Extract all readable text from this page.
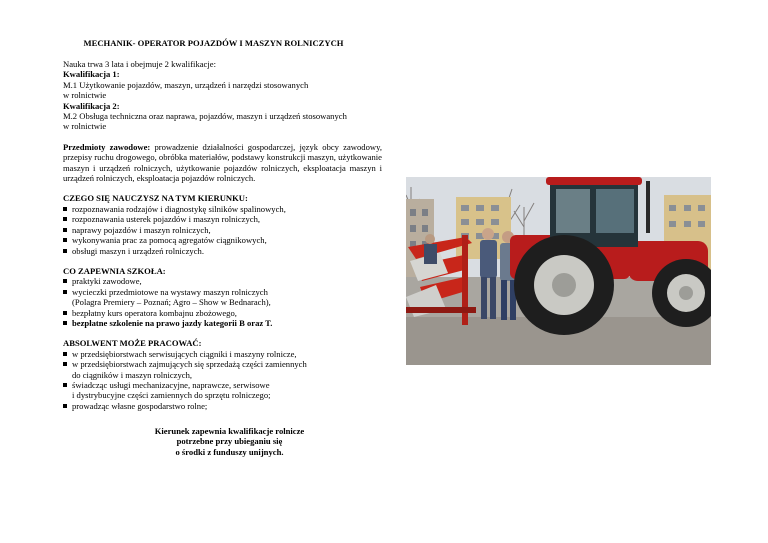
MECHANIK- OPERATOR POJAZDÓW I MASZYN ROLNICZYCH

Nauka trwa 3 lata i obejmuje 2 kwalifikacje:

Kwalifikacja 1:

M.1 Użytkowanie pojazdów, maszyn, urządzeń i narzędzi stosowanych

w rolnictwie

Kwalifikacja 2:

M.2 Obsługa techniczna oraz naprawa, pojazdów, maszyn i urządzeń stosowanych

w rolnictwie

Przedmioty zawodowe: prowadzenie działalności gospodarczej, język obcy zawodowy, przepisy ruchu drogowego, obróbka materiałów, podstawy konstrukcji maszyn, użytkowanie maszyn i urządzeń rolniczych, użytkowanie pojazdów rolniczych, eksploatacja maszyn i urządzeń rolniczych, eksploatacja pojazdów rolniczych.

CZEGO SIĘ NAUCZYSZ NA TYM KIERUNKU:

rozpoznawania rodzajów i diagnostykę silników spalinowych,
rozpoznawania usterek pojazdów i maszyn rolniczych,
naprawy pojazdów i maszyn rolniczych,
wykonywania prac za pomocą agregatów ciągnikowych,
obsługi maszyn i urządzeń rolniczych.

CO ZAPEWNIA SZKOŁA:

praktyki zawodowe,
wycieczki przedmiotowe na wystawy maszyn rolniczych
(Polagra Premiery – Poznań; Agro – Show w Bednarach),
bezpłatny kurs operatora kombajnu zbożowego,
bezpłatne szkolenie na prawo jazdy kategorii B oraz T.

ABSOLWENT MOŻE PRACOWAĆ:

w przedsiębiorstwach serwisujących ciągniki i maszyny rolnicze,
w przedsiębiorstwach zajmujących się sprzedażą części zamiennych
do ciągników i maszyn rolniczych,
świadcząc usługi mechanizacyjne, naprawcze, serwisowe
i dystrybucyjne części zamiennych do sprzętu rolniczego;
prowadząc własne gospodarstwo rolne;

Kierunek zapewnia kwalifikacje rolnicze

potrzebne przy ubieganiu się

o środki z funduszy unijnych.
